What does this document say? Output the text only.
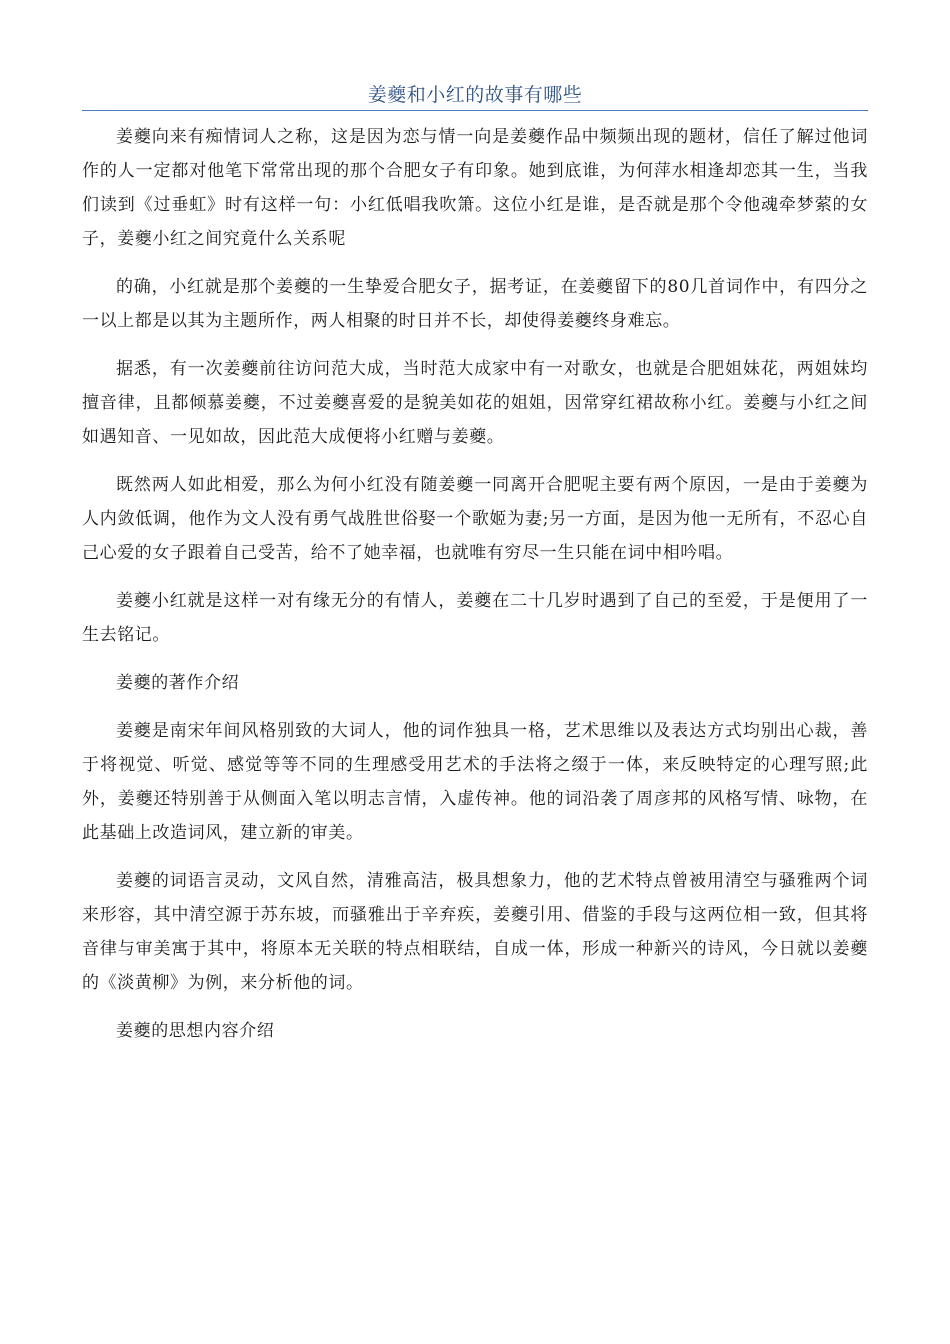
姜夔和小红的故事有哪些

姜夔向来有痴情词人之称，这是因为恋与情一向是姜夔作品中频频出现的题材，信任了解过他词作的人一定都对他笔下常常出现的那个合肥女子有印象。她到底谁，为何萍水相逢却恋其一生，当我们读到《过垂虹》时有这样一句：小红低唱我吹箫。这位小红是谁，是否就是那个令他魂牵梦萦的女子，姜夔小红之间究竟什么关系呢

的确，小红就是那个姜夔的一生挚爱合肥女子，据考证，在姜夔留下的80几首词作中，有四分之一以上都是以其为主题所作，两人相聚的时日并不长，却使得姜夔终身难忘。

据悉，有一次姜夔前往访问范大成，当时范大成家中有一对歌女，也就是合肥姐妹花，两姐妹均擅音律，且都倾慕姜夔，不过姜夔喜爱的是貌美如花的姐姐，因常穿红裙故称小红。姜夔与小红之间如遇知音、一见如故，因此范大成便将小红赠与姜夔。

既然两人如此相爱，那么为何小红没有随姜夔一同离开合肥呢主要有两个原因，一是由于姜夔为人内敛低调，他作为文人没有勇气战胜世俗娶一个歌姬为妻;另一方面，是因为他一无所有，不忍心自己心爱的女子跟着自己受苦，给不了她幸福，也就唯有穷尽一生只能在词中相吟唱。

姜夔小红就是这样一对有缘无分的有情人，姜夔在二十几岁时遇到了自己的至爱，于是便用了一生去铭记。

姜夔的著作介绍

姜夔是南宋年间风格别致的大词人，他的词作独具一格，艺术思维以及表达方式均别出心裁，善于将视觉、听觉、感觉等等不同的生理感受用艺术的手法将之缀于一体，来反映特定的心理写照;此外，姜夔还特别善于从侧面入笔以明志言情，入虚传神。他的词沿袭了周彦邦的风格写情、咏物，在此基础上改造词风，建立新的审美。

姜夔的词语言灵动，文风自然，清雅高洁，极具想象力，他的艺术特点曾被用清空与骚雅两个词来形容，其中清空源于苏东坡，而骚雅出于辛弃疾，姜夔引用、借鉴的手段与这两位相一致，但其将音律与审美寓于其中，将原本无关联的特点相联结，自成一体，形成一种新兴的诗风，今日就以姜夔的《淡黄柳》为例，来分析他的词。

姜夔的思想内容介绍
